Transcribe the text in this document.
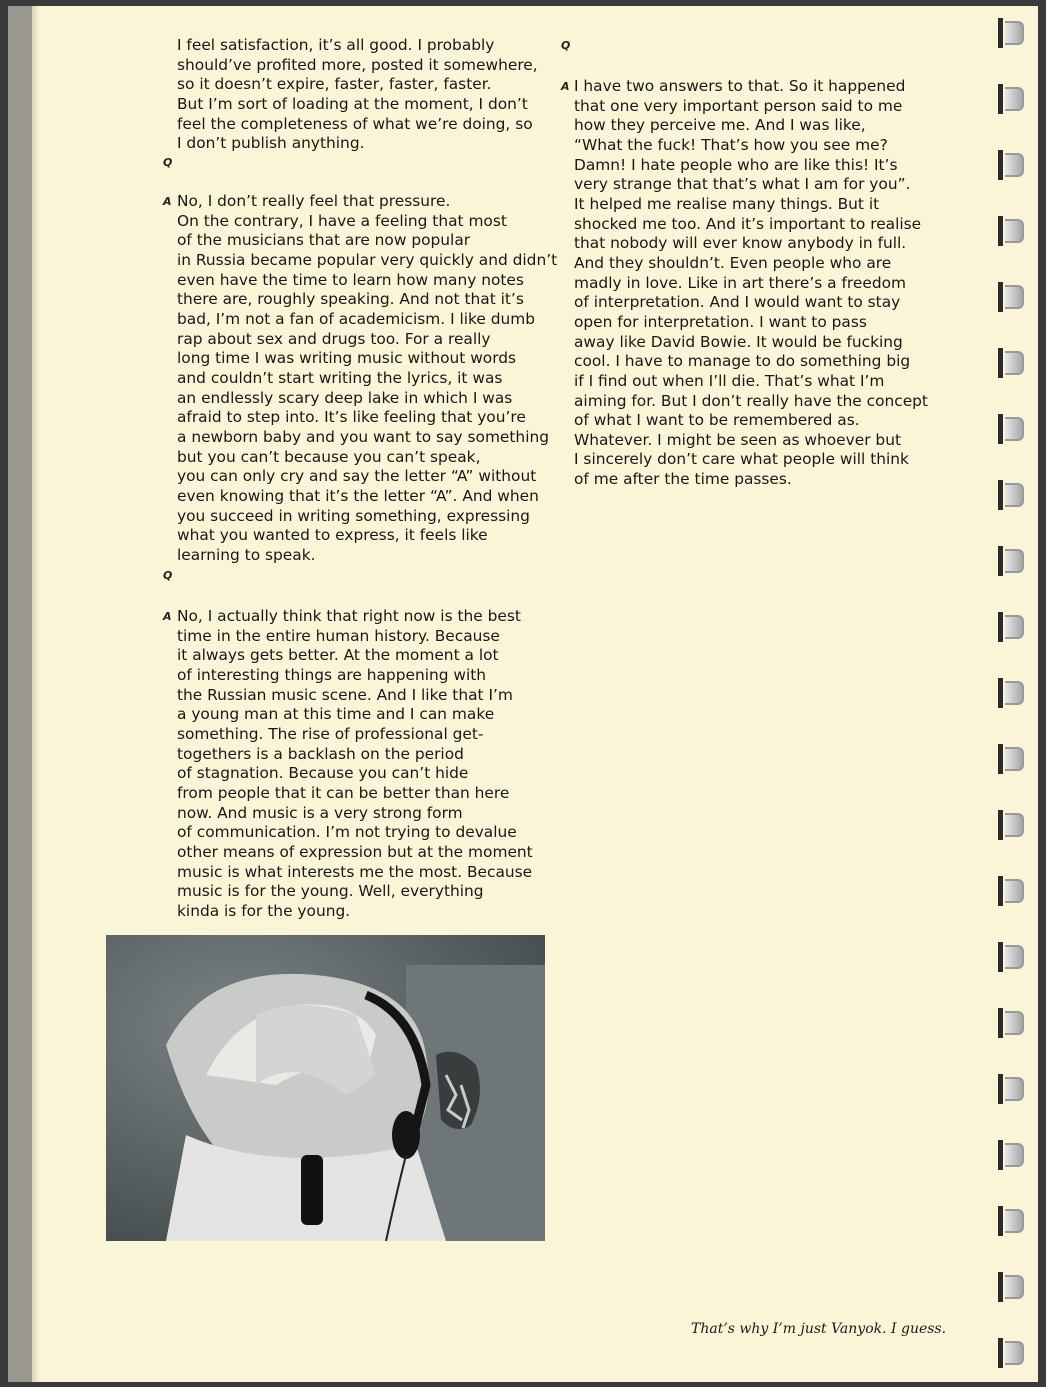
I feel satisfaction, it’s all good. I probably

should’ve profited more, posted it somewhere,

so it doesn’t expire, faster, faster, faster.

But I’m sort of loading at the moment, I don’t

feel the completeness of what we’re doing, so

I don’t publish anything.

Q
A No, I don’t really feel that pressure.

On the contrary, I have a feeling that most

of the musicians that are now popular

in Russia became popular very quickly and didn’t

even have the time to learn how many notes

there are, roughly speaking. And not that it’s

bad, I’m not a fan of academicism. I like dumb

rap about sex and drugs too. For a really

long time I was writing music without words

and couldn’t start writing the lyrics, it was

an endlessly scary deep lake in which I was

afraid to step into. It’s like feeling that you’re

a newborn baby and you want to say something

but you can’t because you can’t speak,

you can only cry and say the letter “A” without

even knowing that it’s the letter “A”. And when

you succeed in writing something, expressing

what you wanted to express, it feels like

learning to speak.

Q
A No, I actually think that right now is the best

time in the entire human history. Because

it always gets better. At the moment a lot

of interesting things are happening with

the Russian music scene. And I like that I’m

a young man at this time and I can make

something. The rise of professional get-

togethers is a backlash on the period

of stagnation. Because you can’t hide

from people that it can be better than here

now. And music is a very strong form

of communication. I’m not trying to devalue

other means of expression but at the moment

music is what interests me the most. Because

music is for the young. Well, everything

kinda is for the young.

Q
A I have two answers to that. So it happened

that one very important person said to me

how they perceive me. And I was like,

“What the fuck! That’s how you see me?

Damn! I hate people who are like this! It’s

very strange that that’s what I am for you”.

It helped me realise many things. But it

shocked me too. And it’s important to realise

that nobody will ever know anybody in full.

And they shouldn’t. Even people who are

madly in love. Like in art there’s a freedom

of interpretation. And I would want to stay

open for interpretation. I want to pass

away like David Bowie. It would be fucking

cool. I have to manage to do something big

if I find out when I’ll die. That’s what I’m

aiming for. But I don’t really have the concept

of what I want to be remembered as.

Whatever. I might be seen as whoever but

I sincerely don’t care what people will think

of me after the time passes.

That’s why I’m just Vanyok. I guess.
